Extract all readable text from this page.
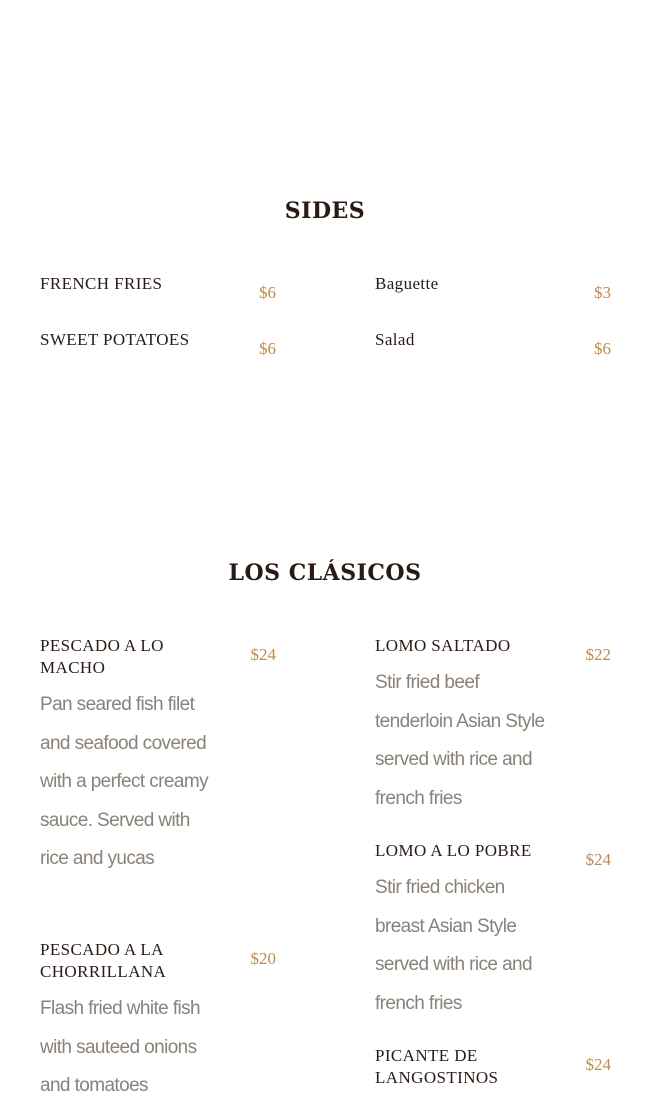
SIDES
FRENCH FRIES	$6
SWEET POTATOES	$6
Baguette	$3
Salad	$6
LOS CLÁSICOS
PESCADO A LO MACHO
$24
Pan seared fish filet and seafood covered with a perfect creamy sauce. Served with rice and yucas
PESCADO A LA CHORRILLANA
$20
Flash fried white fish with sauteed onions and tomatoes
LOMO SALTADO	$22
Stir fried beef tenderloin Asian Style served with rice and french fries
LOMO A LO POBRE	$24
Stir fried chicken breast Asian Style served with rice and french fries
PICANTE DE LANGOSTINOS
$24
